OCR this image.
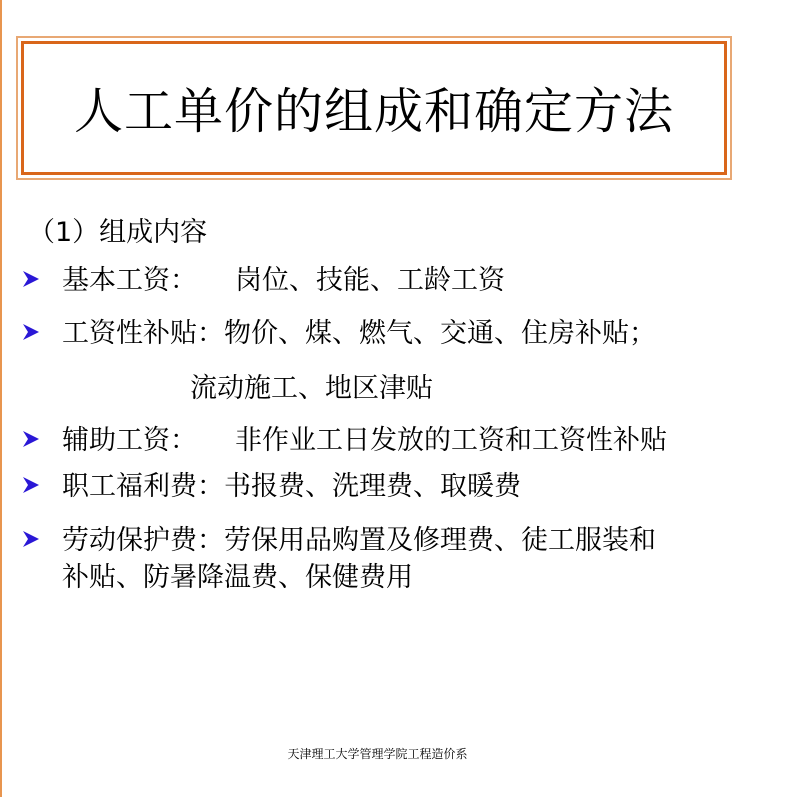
人工单价的组成和确定方法
（1）组成内容
基本工资： 岗位、技能、工龄工资
工资性补贴：物价、煤、燃气、交通、住房补贴；
流动施工、地区津贴
辅助工资： 非作业工日发放的工资和工资性补贴
职工福利费：书报费、洗理费、取暖费
劳动保护费：劳保用品购置及修理费、徒工服装和
补贴、防暑降温费、保健费用
天津理工大学管理学院工程造价系
